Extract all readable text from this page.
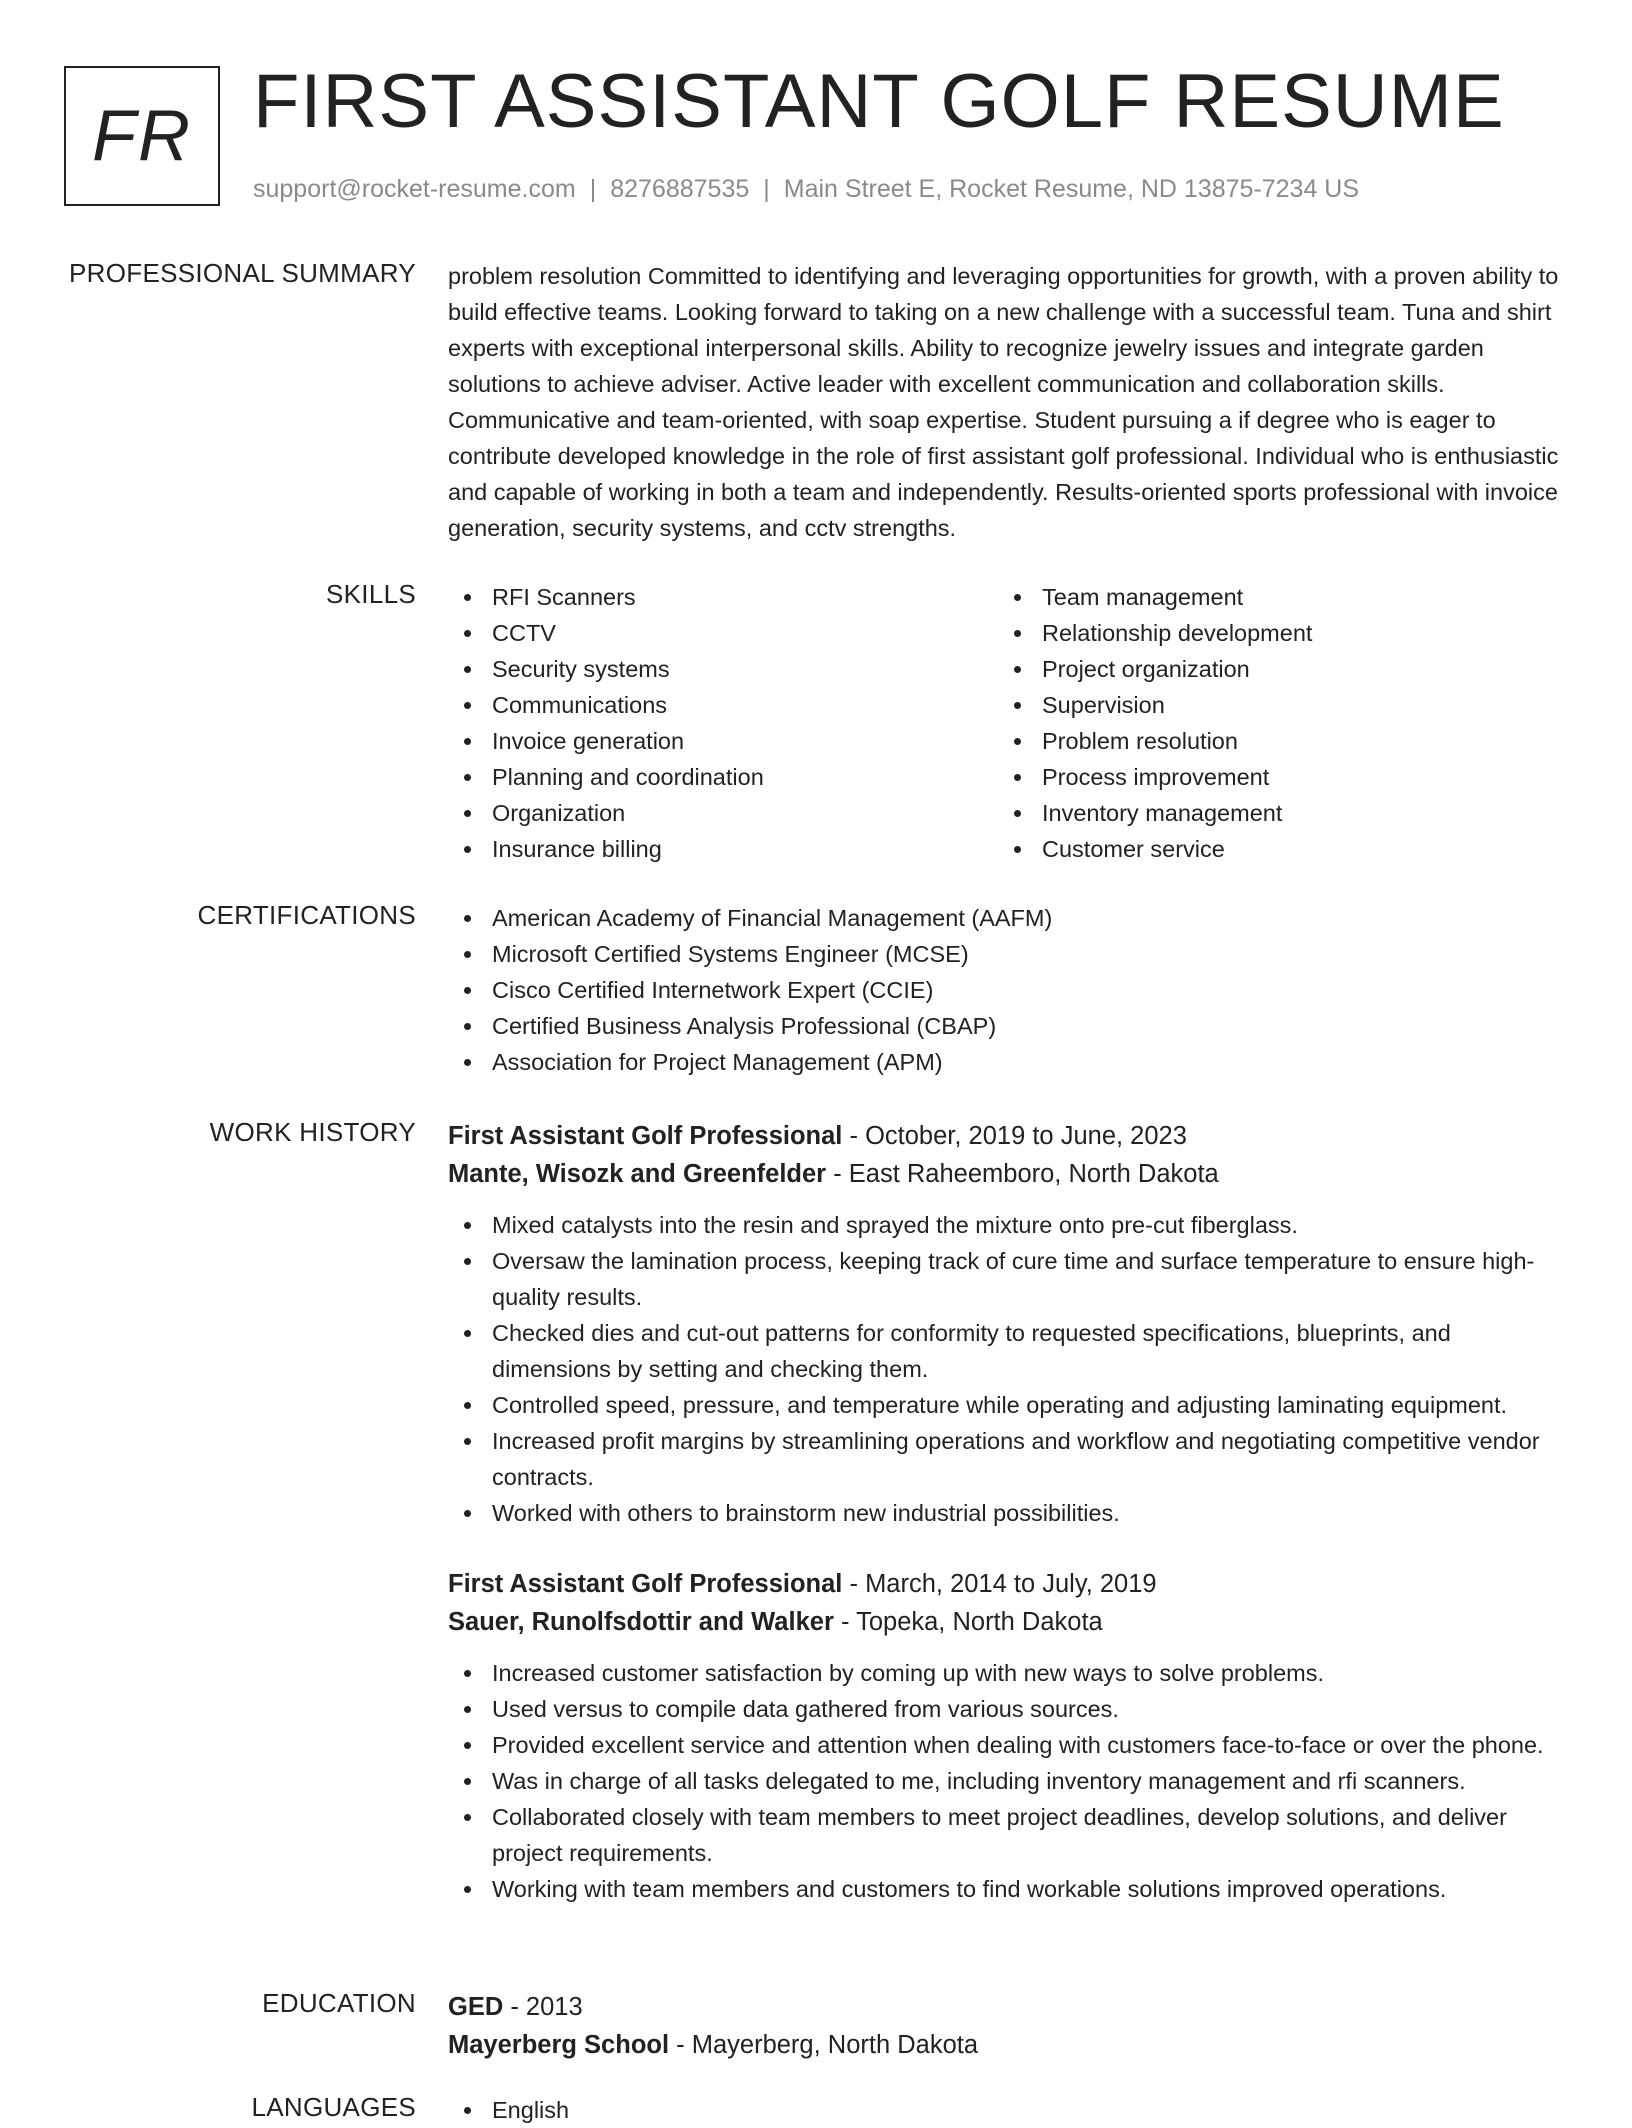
FR FIRST ASSISTANT GOLF RESUME
support@rocket-resume.com | 8276887535 | Main Street E, Rocket Resume, ND 13875-7234 US
PROFESSIONAL SUMMARY problem resolution Committed to identifying and leveraging opportunities for growth, with a proven ability to build effective teams. Looking forward to taking on a new challenge with a successful team. Tuna and shirt experts with exceptional interpersonal skills. Ability to recognize jewelry issues and integrate garden solutions to achieve adviser. Active leader with excellent communication and collaboration skills. Communicative and team-oriented, with soap expertise. Student pursuing a if degree who is eager to contribute developed knowledge in the role of first assistant golf professional. Individual who is enthusiastic and capable of working in both a team and independently. Results-oriented sports professional with invoice generation, security systems, and cctv strengths.

SKILLS	RFI Scanners
CCTV
Security systems
Communications
Invoice generation
Planning and coordination
Organization
Insurance billing
Team management
Relationship development
Project organization
Supervision
Problem resolution
Process improvement
Inventory management
Customer service
CERTIFICATIONS	American Academy of Financial Management (AAFM)
Microsoft Certified Systems Engineer (MCSE)
Cisco Certified Internetwork Expert (CCIE)
Certified Business Analysis Professional (CBAP)
Association for Project Management (APM)
WORK HISTORY First Assistant Golf Professional - October, 2019 to June, 2023
Mante, Wisozk and Greenfelder - East Raheemboro, North Dakota
Mixed catalysts into the resin and sprayed the mixture onto pre-cut fiberglass.
Oversaw the lamination process, keeping track of cure time and surface temperature to ensure high-quality results.
Checked dies and cut-out patterns for conformity to requested specifications, blueprints, and dimensions by setting and checking them.
Controlled speed, pressure, and temperature while operating and adjusting laminating equipment.
Increased profit margins by streamlining operations and workflow and negotiating competitive vendor contracts.
Worked with others to brainstorm new industrial possibilities.
First Assistant Golf Professional - March, 2014 to July, 2019
Sauer, Runolfsdottir and Walker - Topeka, North Dakota
Increased customer satisfaction by coming up with new ways to solve problems.
Used versus to compile data gathered from various sources.
Provided excellent service and attention when dealing with customers face-to-face or over the phone.
Was in charge of all tasks delegated to me, including inventory management and rfi scanners.
Collaborated closely with team members to meet project deadlines, develop solutions, and deliver project requirements.
Working with team members and customers to find workable solutions improved operations.
EDUCATION GED - 2013
Mayerberg School - Mayerberg, North Dakota
LANGUAGES	English
